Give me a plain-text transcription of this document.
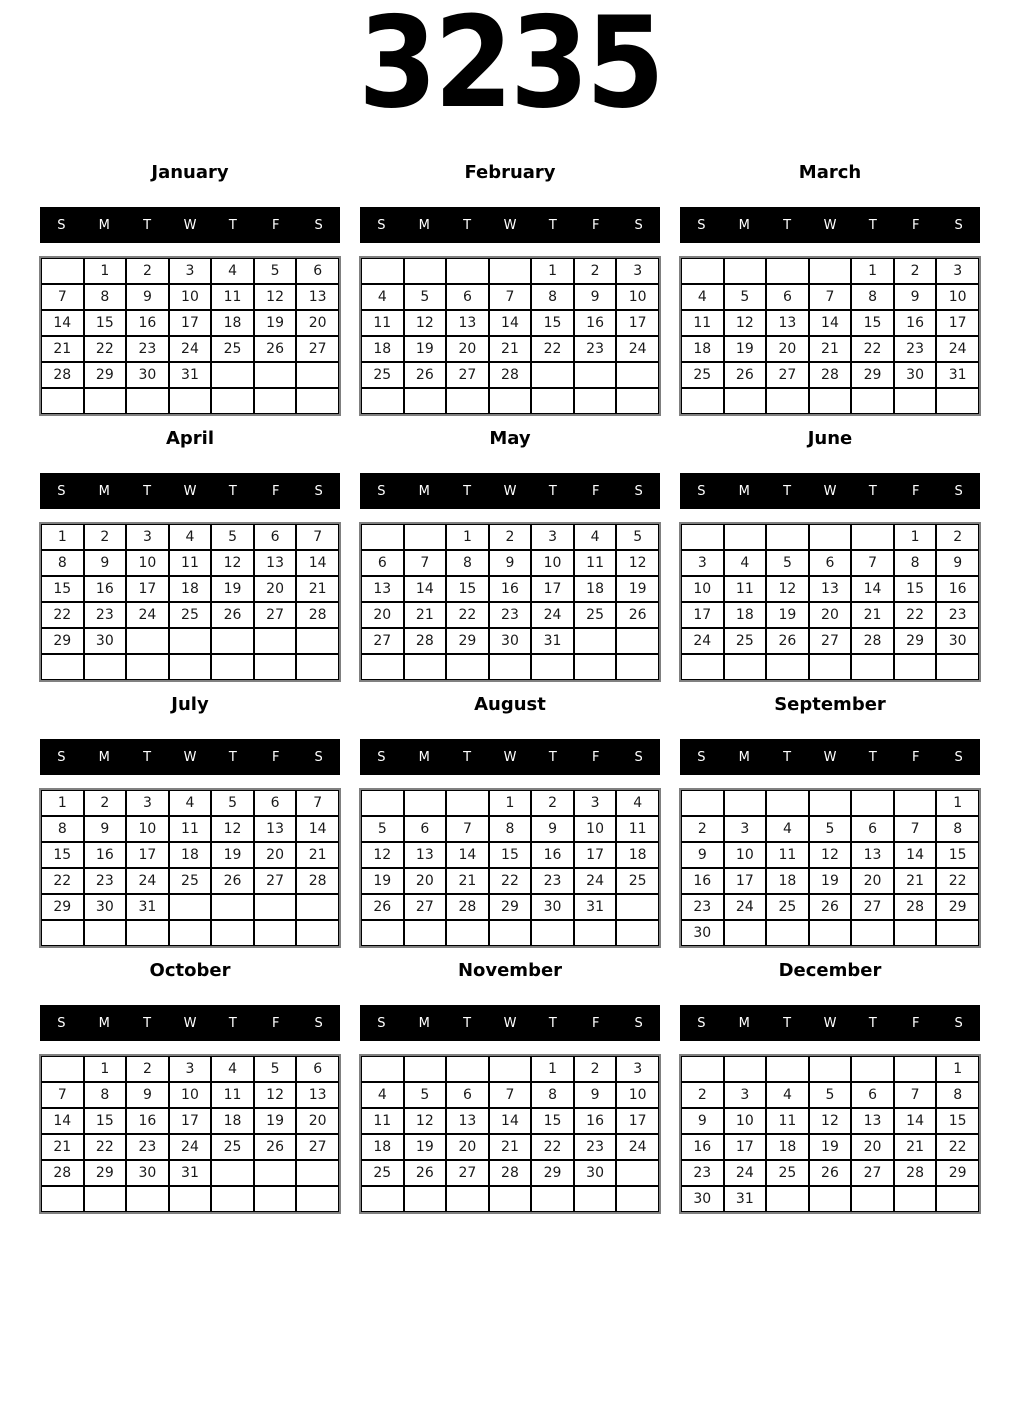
3235
January
S	M	T	W	T	F	S
	1	2	3	4	5	6
7	8	9	10	11	12	13
14	15	16	17	18	19	20
21	22	23	24	25	26	27
28	29	30	31			

February
S	M	T	W	T	F	S
				1	2	3
4	5	6	7	8	9	10
11	12	13	14	15	16	17
18	19	20	21	22	23	24
25	26	27	28			

March
S	M	T	W	T	F	S
				1	2	3
4	5	6	7	8	9	10
11	12	13	14	15	16	17
18	19	20	21	22	23	24
25	26	27	28	29	30	31

April
S	M	T	W	T	F	S
1	2	3	4	5	6	7
8	9	10	11	12	13	14
15	16	17	18	19	20	21
22	23	24	25	26	27	28
29	30					

May
S	M	T	W	T	F	S
		1	2	3	4	5
6	7	8	9	10	11	12
13	14	15	16	17	18	19
20	21	22	23	24	25	26
27	28	29	30	31		

June
S	M	T	W	T	F	S
					1	2
3	4	5	6	7	8	9
10	11	12	13	14	15	16
17	18	19	20	21	22	23
24	25	26	27	28	29	30

July
S	M	T	W	T	F	S
1	2	3	4	5	6	7
8	9	10	11	12	13	14
15	16	17	18	19	20	21
22	23	24	25	26	27	28
29	30	31				

August
S	M	T	W	T	F	S
			1	2	3	4
5	6	7	8	9	10	11
12	13	14	15	16	17	18
19	20	21	22	23	24	25
26	27	28	29	30	31	

September
S	M	T	W	T	F	S
						1
2	3	4	5	6	7	8
9	10	11	12	13	14	15
16	17	18	19	20	21	22
23	24	25	26	27	28	29
30						
October
S	M	T	W	T	F	S
	1	2	3	4	5	6
7	8	9	10	11	12	13
14	15	16	17	18	19	20
21	22	23	24	25	26	27
28	29	30	31			

November
S	M	T	W	T	F	S
				1	2	3
4	5	6	7	8	9	10
11	12	13	14	15	16	17
18	19	20	21	22	23	24
25	26	27	28	29	30	

December
S	M	T	W	T	F	S
						1
2	3	4	5	6	7	8
9	10	11	12	13	14	15
16	17	18	19	20	21	22
23	24	25	26	27	28	29
30	31					
